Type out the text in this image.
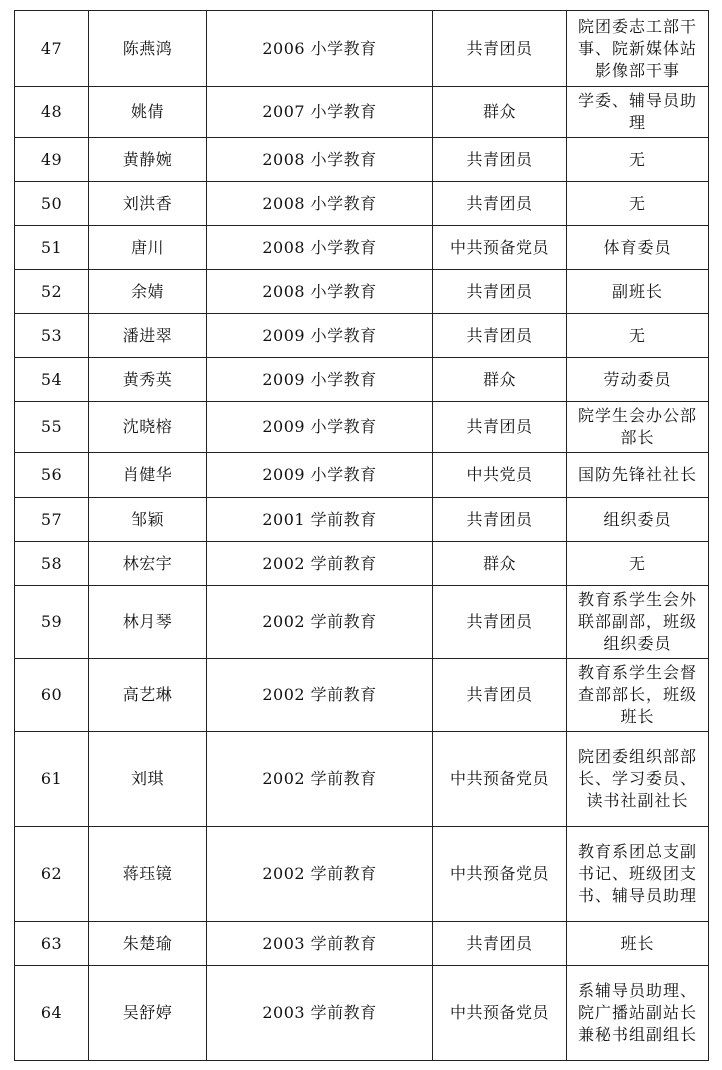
47	陈燕鸿	2006 小学教育	共青团员	院团委志工部干事、院新媒体站影像部干事
48	姚倩	2007 小学教育	群众	学委、辅导员助理
49	黄静婉	2008 小学教育	共青团员	无
50	刘洪香	2008 小学教育	共青团员	无
51	唐川	2008 小学教育	中共预备党员	体育委员
52	余婧	2008 小学教育	共青团员	副班长
53	潘进翠	2009 小学教育	共青团员	无
54	黄秀英	2009 小学教育	群众	劳动委员
55	沈晓榕	2009 小学教育	共青团员	院学生会办公部部长
56	肖健华	2009 小学教育	中共党员	国防先锋社社长
57	邹颖	2001 学前教育	共青团员	组织委员
58	林宏宇	2002 学前教育	群众	无
59	林月琴	2002 学前教育	共青团员	教育系学生会外联部副部，班级组织委员
60	高艺琳	2002 学前教育	共青团员	教育系学生会督查部部长，班级班长
61	刘琪	2002 学前教育	中共预备党员	院团委组织部部长、学习委员、读书社副社长
62	蒋珏镜	2002 学前教育	中共预备党员	教育系团总支副书记、班级团支书、辅导员助理
63	朱楚瑜	2003 学前教育	共青团员	班长
64	吴舒婷	2003 学前教育	中共预备党员	系辅导员助理、院广播站副站长兼秘书组副组长
